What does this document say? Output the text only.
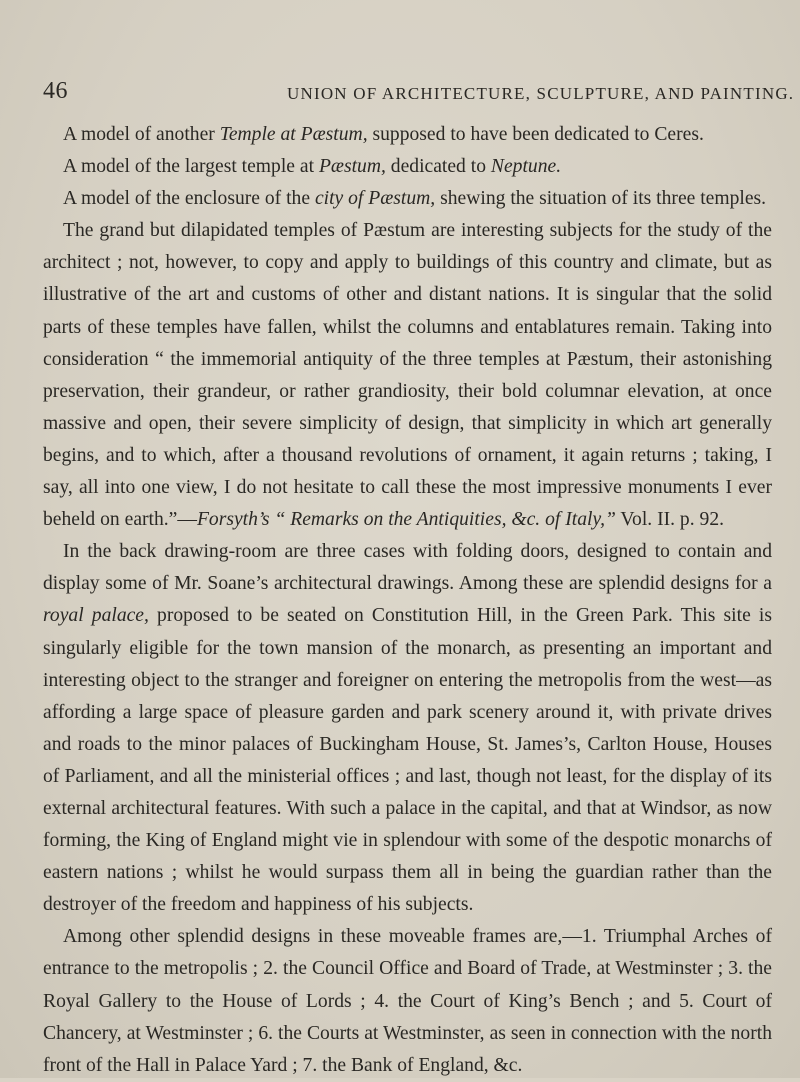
46	UNION OF ARCHITECTURE, SCULPTURE, AND PAINTING.

A model of another Temple at Pæstum, supposed to have been dedicated to Ceres.

A model of the largest temple at Pæstum, dedicated to Neptune.

A model of the enclosure of the city of Pæstum, shewing the situation of its three temples.

The grand but dilapidated temples of Pæstum are interesting subjects for the study of the architect ; not, however, to copy and apply to buildings of this country and climate, but as illustrative of the art and customs of other and distant nations. It is singular that the solid parts of these temples have fallen, whilst the columns and entablatures remain. Taking into consideration “ the immemorial antiquity of the three temples at Pæstum, their astonishing preservation, their grandeur, or rather grandiosity, their bold columnar elevation, at once massive and open, their severe simplicity of design, that simplicity in which art generally begins, and to which, after a thousand revolutions of ornament, it again returns ; taking, I say, all into one view, I do not hesitate to call these the most impressive monuments I ever beheld on earth.”—Forsyth’s “ Remarks on the Antiquities, &c. of Italy,” Vol. II. p. 92.

In the back drawing-room are three cases with folding doors, designed to contain and display some of Mr. Soane’s architectural drawings. Among these are splendid designs for a royal palace, proposed to be seated on Constitution Hill, in the Green Park. This site is singularly eligible for the town mansion of the monarch, as presenting an important and interesting object to the stranger and foreigner on entering the metropolis from the west—as affording a large space of pleasure garden and park scenery around it, with private drives and roads to the minor palaces of Buckingham House, St. James’s, Carlton House, Houses of Parliament, and all the ministerial offices ; and last, though not least, for the display of its external architectural features. With such a palace in the capital, and that at Windsor, as now forming, the King of England might vie in splendour with some of the despotic monarchs of eastern nations ; whilst he would surpass them all in being the guardian rather than the destroyer of the freedom and happiness of his subjects.

Among other splendid designs in these moveable frames are,—1. Triumphal Arches of entrance to the metropolis ; 2. the Council Office and Board of Trade, at Westminster ; 3. the Royal Gallery to the House of Lords ; 4. the Court of King’s Bench ; and 5. Court of Chancery, at Westminster ; 6. the Courts at Westminster, as seen in connection with the north front of the Hall in Palace Yard ; 7. the Bank of England, &c.
